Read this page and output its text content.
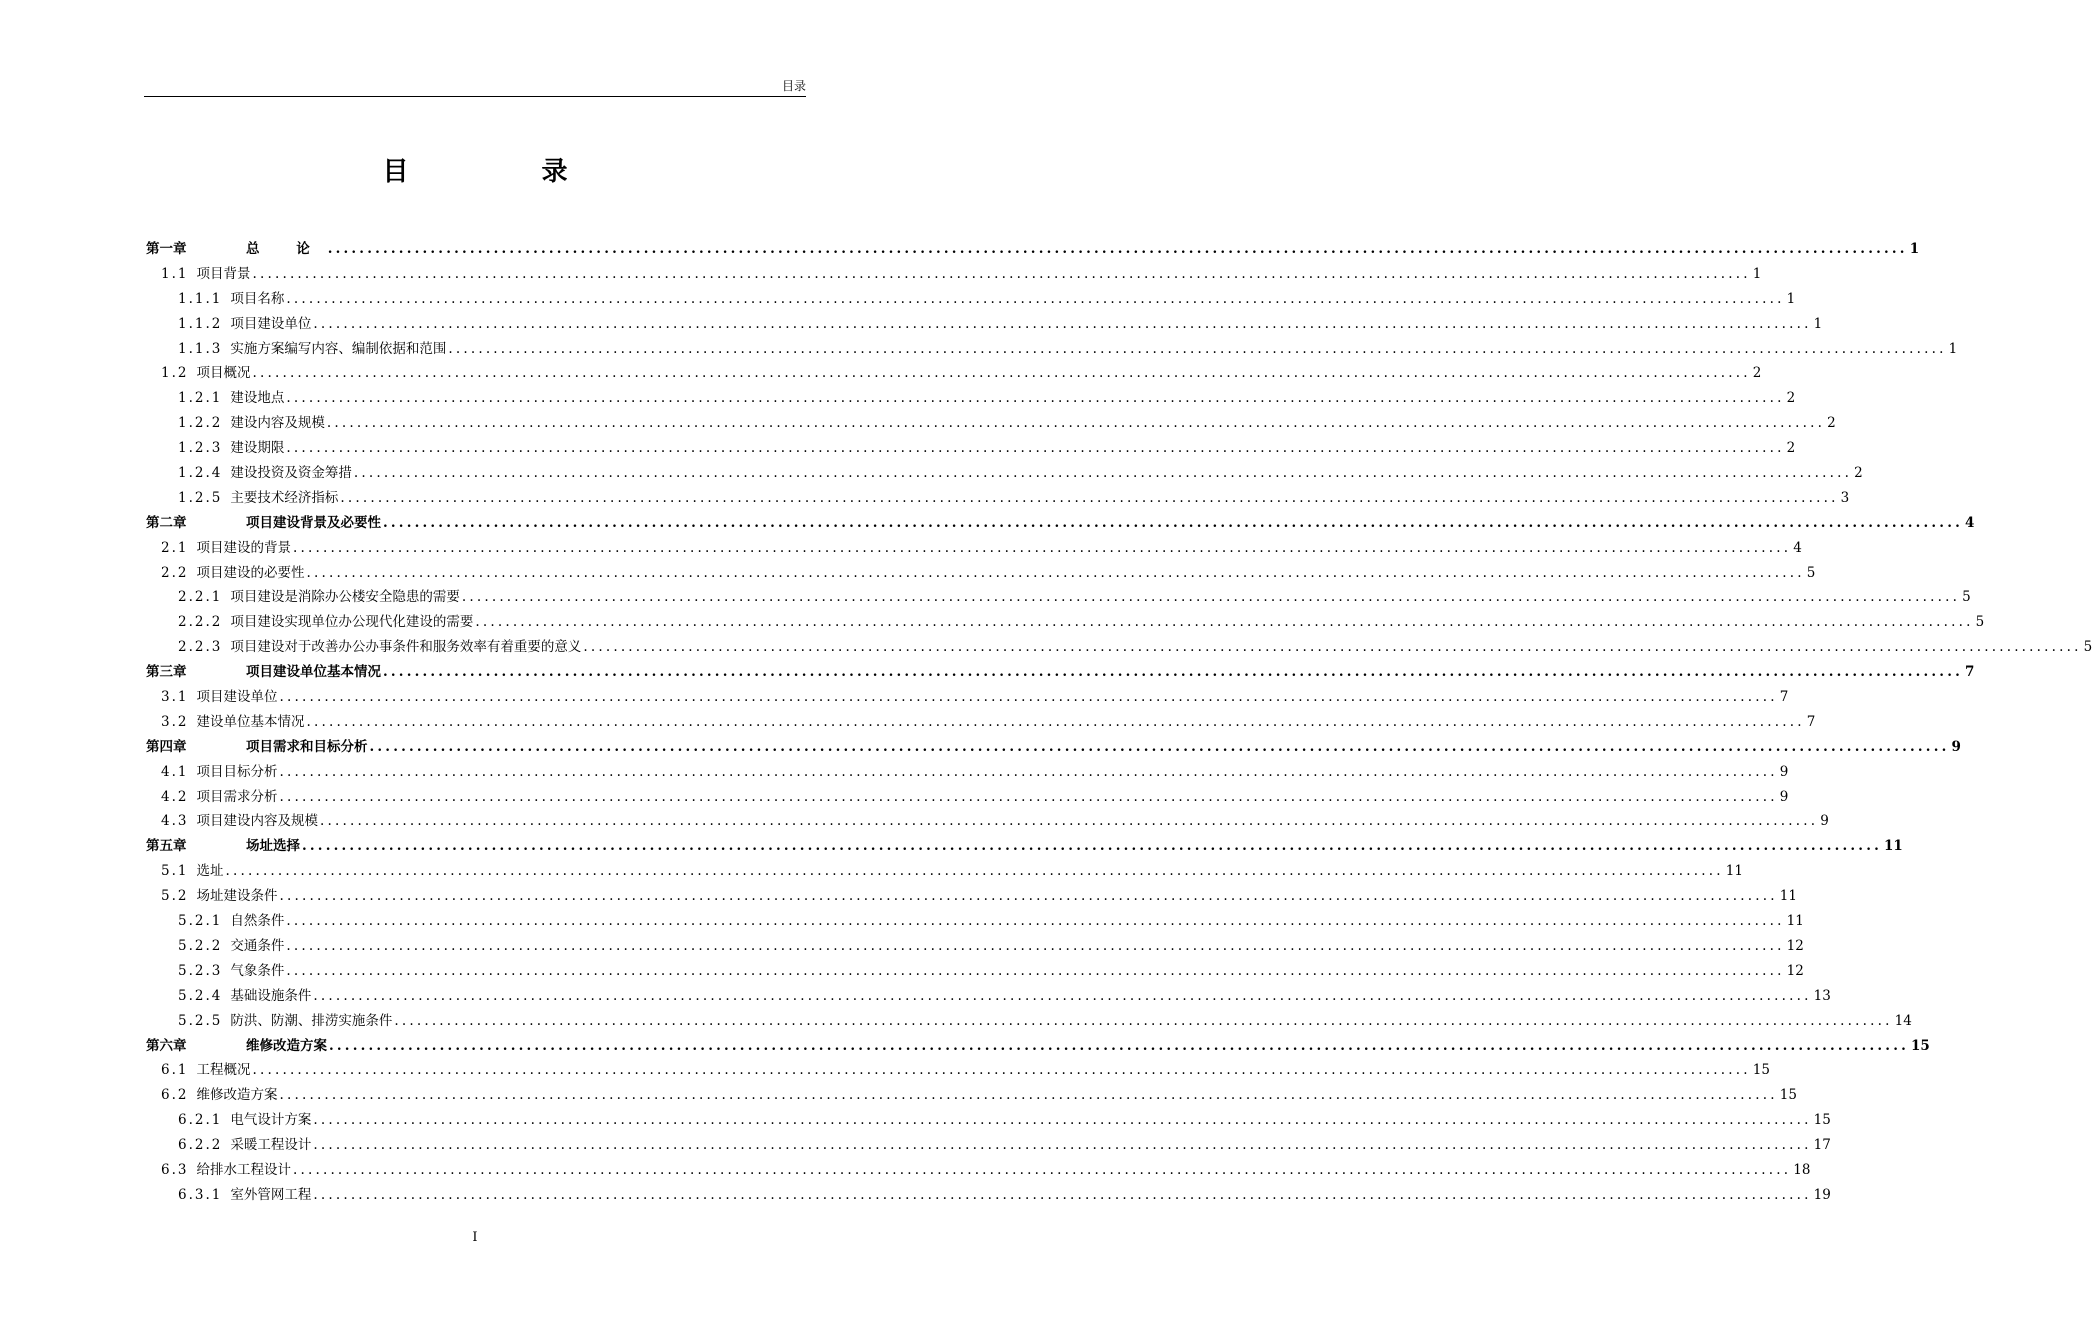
目录
目 录
第一章	总 论 ........................................................................................................................................................................................................ 1
1.1 项目背景 ........................................................................................................................................................................................................ 1
1.1.1 项目名称 ........................................................................................................................................................................................................ 1
1.1.2 项目建设单位 ........................................................................................................................................................................................................ 1
1.1.3 实施方案编写内容、编制依据和范围 ........................................................................................................................................................................................................ 1
1.2 项目概况 ........................................................................................................................................................................................................ 2
1.2.1 建设地点 ........................................................................................................................................................................................................ 2
1.2.2 建设内容及规模 ........................................................................................................................................................................................................ 2
1.2.3 建设期限 ........................................................................................................................................................................................................ 2
1.2.4 建设投资及资金筹措 ........................................................................................................................................................................................................ 2
1.2.5 主要技术经济指标 ........................................................................................................................................................................................................ 3
第二章	项目建设背景及必要性 ........................................................................................................................................................................................................ 4
2.1 项目建设的背景 ........................................................................................................................................................................................................ 4
2.2 项目建设的必要性 ........................................................................................................................................................................................................ 5
2.2.1 项目建设是消除办公楼安全隐患的需要 ........................................................................................................................................................................................................ 5
2.2.2 项目建设实现单位办公现代化建设的需要 ........................................................................................................................................................................................................ 5
2.2.3 项目建设对于改善办公办事条件和服务效率有着重要的意义 ........................................................................................................................................................................................................ 5
第三章	项目建设单位基本情况 ........................................................................................................................................................................................................ 7
3.1 项目建设单位 ........................................................................................................................................................................................................ 7
3.2 建设单位基本情况 ........................................................................................................................................................................................................ 7
第四章	项目需求和目标分析 ........................................................................................................................................................................................................ 9
4.1 项目目标分析 ........................................................................................................................................................................................................ 9
4.2 项目需求分析 ........................................................................................................................................................................................................ 9
4.3 项目建设内容及规模 ........................................................................................................................................................................................................ 9
第五章	场址选择 ........................................................................................................................................................................................................ 11
5.1 选址 ........................................................................................................................................................................................................ 11
5.2 场址建设条件 ........................................................................................................................................................................................................ 11
5.2.1 自然条件 ........................................................................................................................................................................................................ 11
5.2.2 交通条件 ........................................................................................................................................................................................................ 12
5.2.3 气象条件 ........................................................................................................................................................................................................ 12
5.2.4 基础设施条件 ........................................................................................................................................................................................................ 13
5.2.5 防洪、防潮、排涝实施条件 ........................................................................................................................................................................................................ 14
第六章	维修改造方案 ........................................................................................................................................................................................................ 15
6.1 工程概况 ........................................................................................................................................................................................................ 15
6.2 维修改造方案 ........................................................................................................................................................................................................ 15
6.2.1 电气设计方案 ........................................................................................................................................................................................................ 15
6.2.2 采暖工程设计 ........................................................................................................................................................................................................ 17
6.3 给排水工程设计 ........................................................................................................................................................................................................ 18
6.3.1 室外管网工程 ........................................................................................................................................................................................................ 19
I
